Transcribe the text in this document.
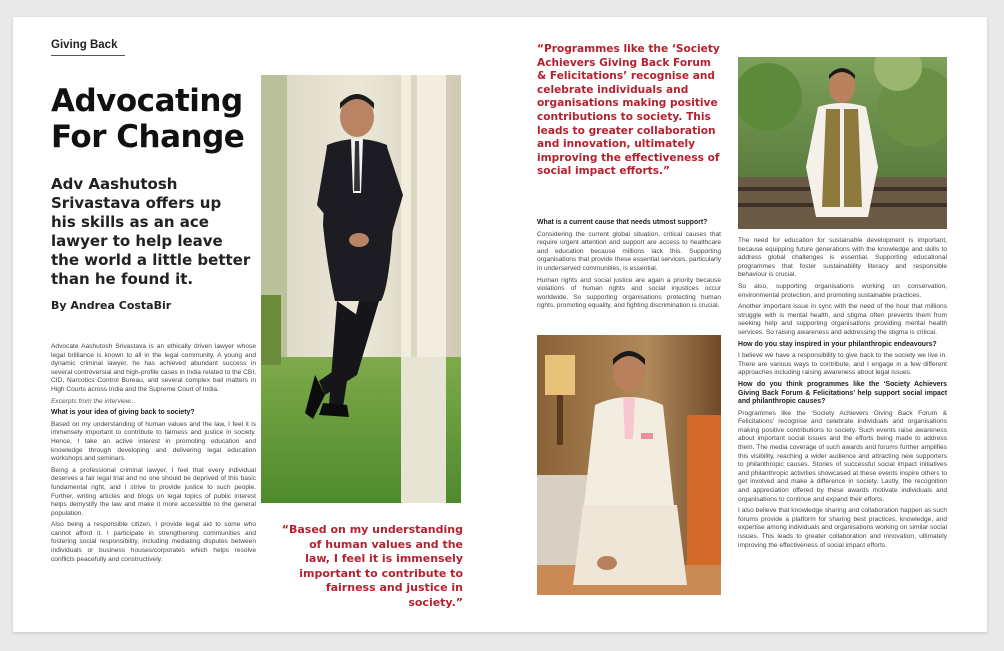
Giving Back
Advocating
For Change
Adv Aashutosh Srivastava offers up his skills as an ace lawyer to help leave the world a little better than he found it.
By Andrea CostaBir

Advocate Aashutosh Srivastava is an ethically driven lawyer whose legal brilliance is known to all in the legal community. A young and dynamic criminal lawyer, he has achieved abundant success in several controversial and high-profile cases in India related to the CBI, CID, Narcotics Control Bureau, and several complex bail matters in High Courts across India and the Supreme Court of India.

Excerpts from the interview...

What is your idea of giving back to society?

Based on my understanding of human values and the law, I feel it is immensely important to contribute to fairness and justice in society. Hence, I take an active interest in promoting education and knowledge through developing and delivering legal education workshops and seminars.

Being a professional criminal lawyer, I feel that every individual deserves a fair legal trial and no one should be deprived of this basic fundamental right, and I strive to provide justice to such people. Further, writing articles and blogs on legal topics of public interest helps demystify the law and make it more accessible to the general population.

Also being a responsible citizen, I provide legal aid to some who cannot afford it. I participate in strengthening communities and fostering social responsibility, including mediating disputes between individuals or business houses/corporates which helps resolve conflicts peacefully and constructively.

“Based on my understanding of human values and the law, I feel it is immensely important to contribute to fairness and justice in society.”
“Programmes like the ‘Society Achievers Giving Back Forum & Felicitations’ recognise and celebrate individuals and organisations making positive contributions to society. This leads to greater collaboration and innovation, ultimately improving the effectiveness of social impact efforts.”

What is a current cause that needs utmost support?

Considering the current global situation, critical causes that require urgent attention and support are access to healthcare and education because millions lack this. Supporting organisations that provide these essential services, particularly in underserved communities, is essential.

Human rights and social justice are again a priority because violations of human rights and social injustices occur worldwide. So supporting organisations protecting human rights, promoting equality, and fighting discrimination is crucial.

The need for education for sustainable development is important, because equipping future generations with the knowledge and skills to address global challenges is essential. Supporting educational programmes that foster sustainability literacy and responsible behaviour is crucial.

So also, supporting organisations working on conservation, environmental protection, and promoting sustainable practices.

Another important issue in sync with the need of the hour that millions struggle with is mental health, and stigma often prevents them from seeking help and supporting organisations providing mental health services. So raising awareness and addressing the stigma is critical.

How do you stay inspired in your philanthropic endeavours?

I believe we have a responsibility to give back to the society we live in. There are various ways to contribute, and I engage in a few different approaches including raising awareness about legal issues.

How do you think programmes like the ‘Society Achievers Giving Back Forum & Felicitations’ help support social impact and philanthropic causes?

Programmes like the ‘Society Achievers Giving Back Forum & Felicitations’ recognise and celebrate individuals and organisations making positive contributions to society. Such events raise awareness about important social issues and the efforts being made to address them. The media coverage of such awards and forums further amplifies this visibility, reaching a wider audience and attracting new supporters to philanthropic causes. Stories of successful social impact initiatives and philanthropic activities showcased at these events inspire others to get involved and make a difference in society. Lastly, the recognition and appreciation offered by these awards motivate individuals and organisations to continue and expand their efforts.

I also believe that knowledge sharing and collaboration happen as such forums provide a platform for sharing best practices, knowledge, and expertise among individuals and organisations working on similar social issues. This leads to greater collaboration and innovation, ultimately improving the effectiveness of social impact efforts.
